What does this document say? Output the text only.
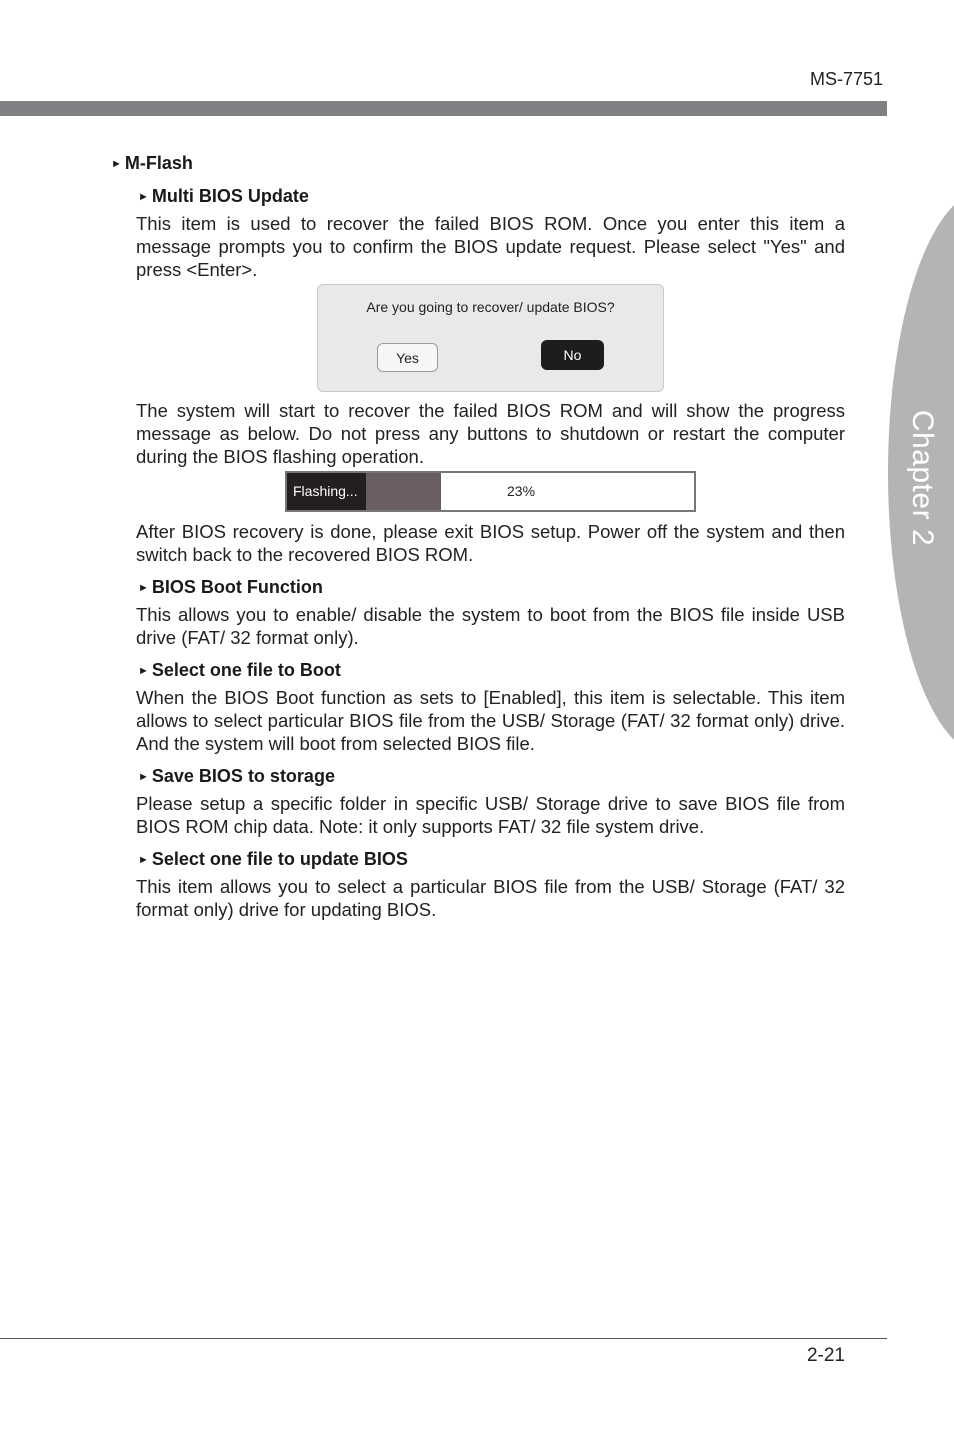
MS-7751
Chapter 2
► M-Flash
► Multi BIOS Update
This item is used to recover the failed BIOS ROM. Once you enter this item a message prompts you to confirm the BIOS update request. Please select "Yes" and press <Enter>.
Are you going to recover/ update BIOS?
Yes	No
The system will start to recover the failed BIOS ROM and will show the progress message as below. Do not press any buttons to shutdown or restart the computer during the BIOS flashing operation.
Flashing...	23%
After BIOS recovery is done, please exit BIOS setup. Power off the system and then switch back to the recovered BIOS ROM.
► BIOS Boot Function
This allows you to enable/ disable the system to boot from the BIOS file inside USB drive (FAT/ 32 format only).
► Select one file to Boot
When the BIOS Boot function as sets to [Enabled], this item is selectable. This item allows to select particular BIOS file from the USB/ Storage (FAT/ 32 format only) drive. And the system will boot from selected BIOS file.
► Save BIOS to storage
Please setup a specific folder in specific USB/ Storage drive to save BIOS file from BIOS ROM chip data. Note: it only supports FAT/ 32 file system drive.
► Select one file to update BIOS
This item allows you to select a particular BIOS file from the USB/ Storage (FAT/ 32 format only) drive for updating BIOS.
2-21
